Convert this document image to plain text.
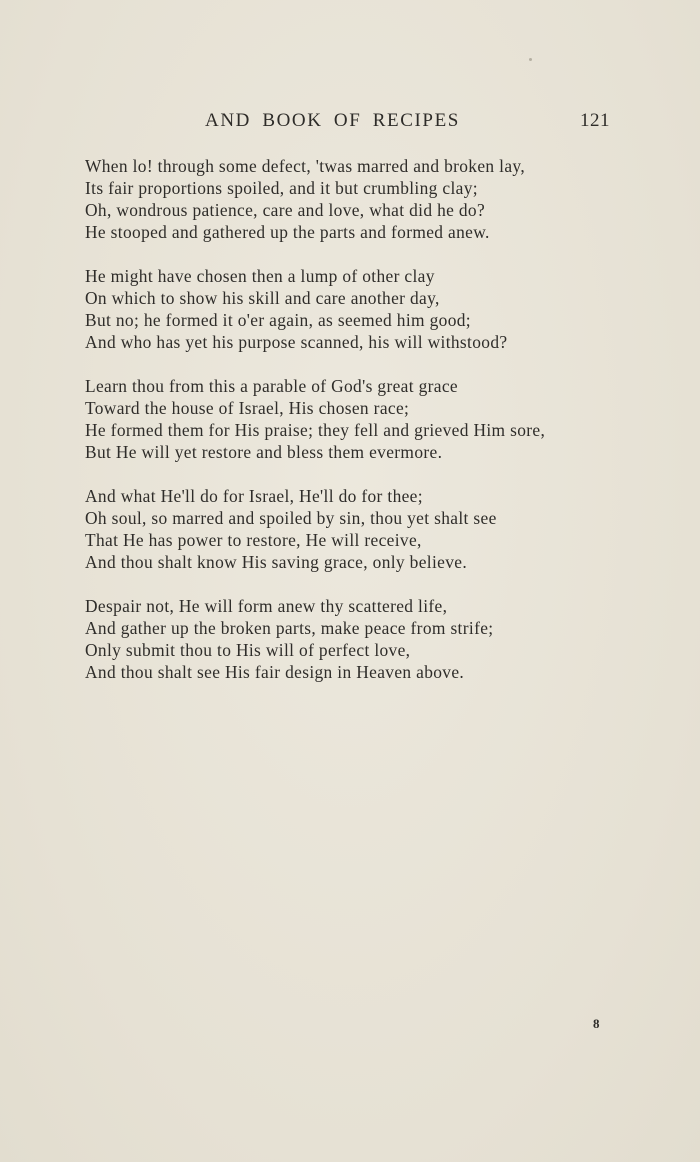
AND BOOK OF RECIPES	121
When lo! through some defect, 'twas marred and broken lay,
Its fair proportions spoiled, and it but crumbling clay;
Oh, wondrous patience, care and love, what did he do?
He stooped and gathered up the parts and formed anew.
He might have chosen then a lump of other clay
On which to show his skill and care another day,
But no; he formed it o'er again, as seemed him good;
And who has yet his purpose scanned, his will withstood?
Learn thou from this a parable of God's great grace
Toward the house of Israel, His chosen race;
He formed them for His praise; they fell and grieved Him sore,
But He will yet restore and bless them evermore.
And what He'll do for Israel, He'll do for thee;
Oh soul, so marred and spoiled by sin, thou yet shalt see
That He has power to restore, He will receive,
And thou shalt know His saving grace, only believe.
Despair not, He will form anew thy scattered life,
And gather up the broken parts, make peace from strife;
Only submit thou to His will of perfect love,
And thou shalt see His fair design in Heaven above.
8
